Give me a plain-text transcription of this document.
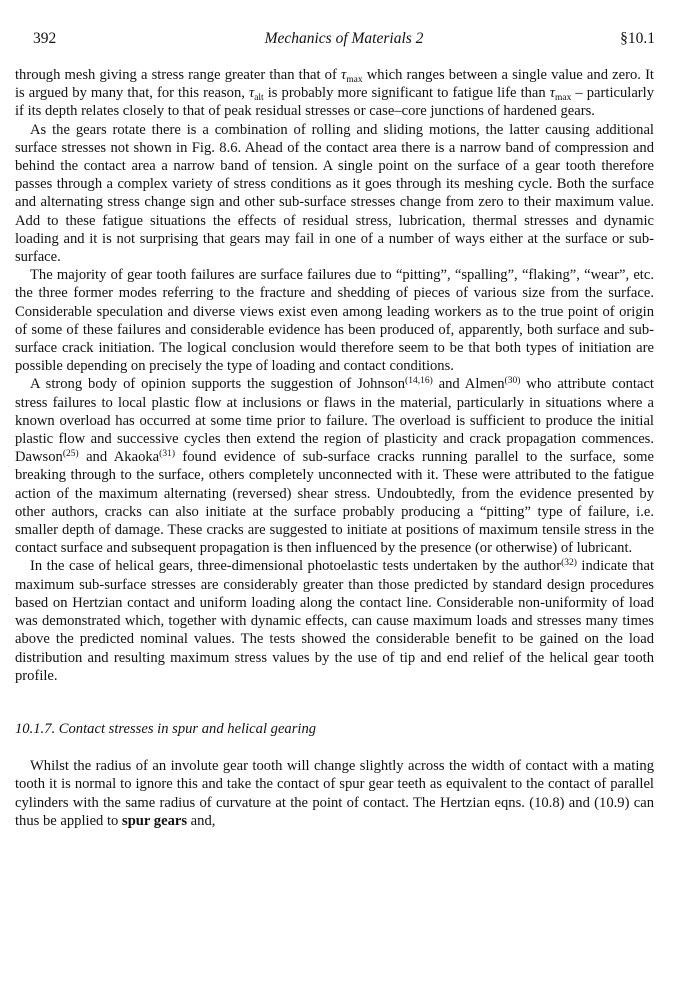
392	Mechanics of Materials 2	§10.1

through mesh giving a stress range greater than that of $\tau_{max}$ which ranges between a single value and zero. It is argued by many that, for this reason, $\tau_{alt}$ is probably more significant to fatigue life than $\tau_{max}$ – particularly if its depth relates closely to that of peak residual stresses or case–core junctions of hardened gears.

As the gears rotate there is a combination of rolling and sliding motions, the latter causing additional surface stresses not shown in Fig. 8.6. Ahead of the contact area there is a narrow band of compression and behind the contact area a narrow band of tension. A single point on the surface of a gear tooth therefore passes through a complex variety of stress conditions as it goes through its meshing cycle. Both the surface and alternating stress change sign and other sub-surface stresses change from zero to their maximum value. Add to these fatigue situations the effects of residual stress, lubrication, thermal stresses and dynamic loading and it is not surprising that gears may fail in one of a number of ways either at the surface or sub-surface.

The majority of gear tooth failures are surface failures due to “pitting”, “spalling”, “flaking”, “wear”, etc. the three former modes referring to the fracture and shedding of pieces of various size from the surface. Considerable speculation and diverse views exist even among leading workers as to the true point of origin of some of these failures and considerable evidence has been produced of, apparently, both surface and sub-surface crack initiation. The logical conclusion would therefore seem to be that both types of initiation are possible depending on precisely the type of loading and contact conditions.

A strong body of opinion supports the suggestion of Johnson$^{(14,16)}$ and Almen$^{(30)}$ who attribute contact stress failures to local plastic flow at inclusions or flaws in the material, particularly in situations where a known overload has occurred at some time prior to failure. The overload is sufficient to produce the initial plastic flow and successive cycles then extend the region of plasticity and crack propagation commences. Dawson$^{(25)}$ and Akaoka$^{(31)}$ found evidence of sub-surface cracks running parallel to the surface, some breaking through to the surface, others completely unconnected with it. These were attributed to the fatigue action of the maximum alternating (reversed) shear stress. Undoubtedly, from the evidence presented by other authors, cracks can also initiate at the surface probably producing a “pitting” type of failure, i.e. smaller depth of damage. These cracks are suggested to initiate at positions of maximum tensile stress in the contact surface and subsequent propagation is then influenced by the presence (or otherwise) of lubricant.

In the case of helical gears, three-dimensional photoelastic tests undertaken by the author$^{(32)}$ indicate that maximum sub-surface stresses are considerably greater than those predicted by standard design procedures based on Hertzian contact and uniform loading along the contact line. Considerable non-uniformity of load was demonstrated which, together with dynamic effects, can cause maximum loads and stresses many times above the predicted nominal values. The tests showed the considerable benefit to be gained on the load distribution and resulting maximum stress values by the use of tip and end relief of the helical gear tooth profile.

10.1.7. Contact stresses in spur and helical gearing

Whilst the radius of an involute gear tooth will change slightly across the width of contact with a mating tooth it is normal to ignore this and take the contact of spur gear teeth as equivalent to the contact of parallel cylinders with the same radius of curvature at the point of contact. The Hertzian eqns. (10.8) and (10.9) can thus be applied to spur gears and,
